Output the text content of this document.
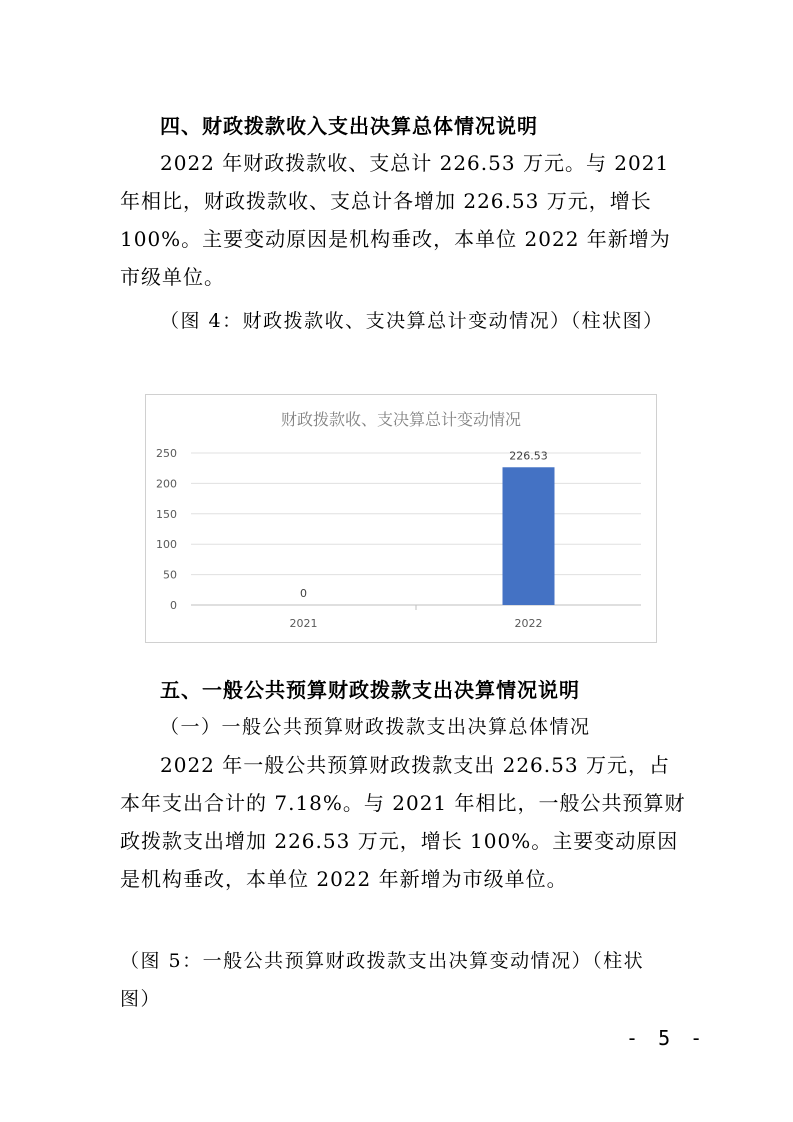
四、财政拨款收入支出决算总体情况说明

2022 年财政拨款收、支总计 226.53 万元。与 2021 年相比，财政拨款收、支总计各增加 226.53 万元，增长 100%。主要变动原因是机构垂改，本单位 2022 年新增为市级单位。

（图 4：财政拨款收、支决算总计变动情况）（柱状图）
财政拨款收、支决算总计变动情况
0
50
100
150
200
250
0
226.53
2021	2022
五、一般公共预算财政拨款支出决算情况说明
（一）一般公共预算财政拨款支出决算总体情况

2022 年一般公共预算财政拨款支出 226.53 万元，占本年支出合计的 7.18%。与 2021 年相比，一般公共预算财政拨款支出增加 226.53 万元，增长 100%。主要变动原因是机构垂改，本单位 2022 年新增为市级单位。

（图 5：一般公共预算财政拨款支出决算变动情况）（柱状
图）
- 5 -
